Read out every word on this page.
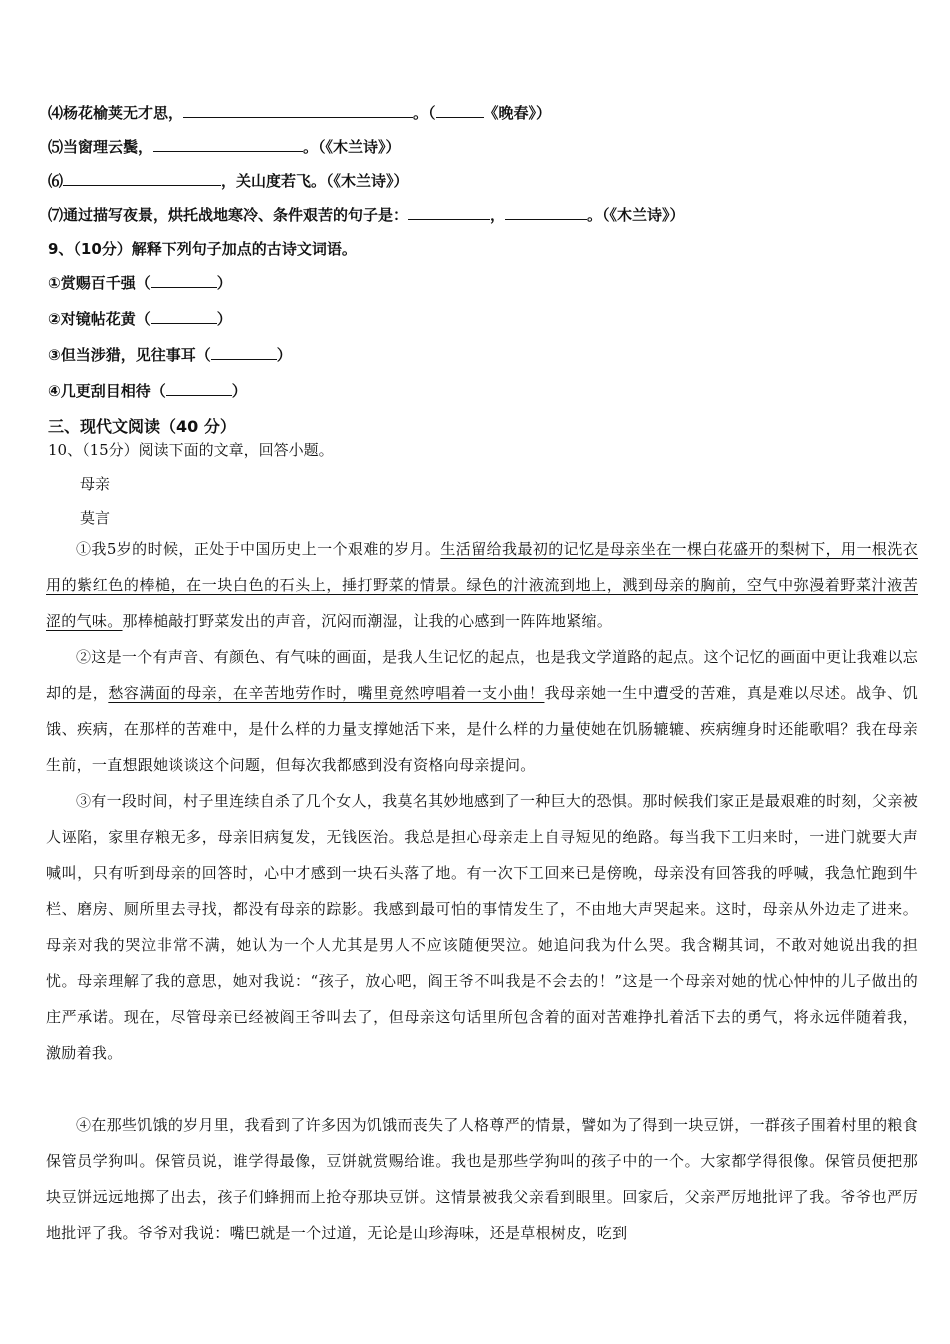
⑷杨花榆荚无才思，	。（	《晚春》）
⑸当窗理云鬓，	。（《木兰诗》）
⑹	，关山度若飞。（《木兰诗》）
⑺通过描写夜景，烘托战地寒冷、条件艰苦的句子是：	，	。（《木兰诗》）
9、（10分）解释下列句子加点的古诗文词语。
①赏赐百千强（	）
②对镜帖花黄（	）
③但当涉猎，见往事耳（	）
④几更刮目相待（	）
三、现代文阅读（40 分）
10、（15分）阅读下面的文章，回答小题。
母亲
莫言
①我5岁的时候，正处于中国历史上一个艰难的岁月。生活留给我最初的记忆是母亲坐在一棵白花盛开的梨树下，用一根洗衣用的紫红色的棒槌，在一块白色的石头上，捶打野菜的情景。绿色的汁液流到地上，溅到母亲的胸前，空气中弥漫着野菜汁液苦涩的气味。那棒槌敲打野菜发出的声音，沉闷而潮湿，让我的心感到一阵阵地紧缩。
②这是一个有声音、有颜色、有气味的画面，是我人生记忆的起点，也是我文学道路的起点。这个记忆的画面中更让我难以忘却的是，愁容满面的母亲，在辛苦地劳作时，嘴里竟然哼唱着一支小曲！我母亲她一生中遭受的苦难，真是难以尽述。战争、饥饿、疾病，在那样的苦难中，是什么样的力量支撑她活下来，是什么样的力量使她在饥肠辘辘、疾病缠身时还能歌唱？我在母亲生前，一直想跟她谈谈这个问题，但每次我都感到没有资格向母亲提问。
③有一段时间，村子里连续自杀了几个女人，我莫名其妙地感到了一种巨大的恐惧。那时候我们家正是最艰难的时刻，父亲被人诬陷，家里存粮无多，母亲旧病复发，无钱医治。我总是担心母亲走上自寻短见的绝路。每当我下工归来时，一进门就要大声喊叫，只有听到母亲的回答时，心中才感到一块石头落了地。有一次下工回来已是傍晚，母亲没有回答我的呼喊，我急忙跑到牛栏、磨房、厕所里去寻找，都没有母亲的踪影。我感到最可怕的事情发生了，不由地大声哭起来。这时，母亲从外边走了进来。母亲对我的哭泣非常不满，她认为一个人尤其是男人不应该随便哭泣。她追问我为什么哭。我含糊其词，不敢对她说出我的担忧。母亲理解了我的意思，她对我说：“孩子，放心吧，阎王爷不叫我是不会去的！”这是一个母亲对她的忧心忡忡的儿子做出的庄严承诺。现在，尽管母亲已经被阎王爷叫去了，但母亲这句话里所包含着的面对苦难挣扎着活下去的勇气，将永远伴随着我，激励着我。
④在那些饥饿的岁月里，我看到了许多因为饥饿而丧失了人格尊严的情景，譬如为了得到一块豆饼，一群孩子围着村里的粮食保管员学狗叫。保管员说，谁学得最像，豆饼就赏赐给谁。我也是那些学狗叫的孩子中的一个。大家都学得很像。保管员便把那块豆饼远远地掷了出去，孩子们蜂拥而上抢夺那块豆饼。这情景被我父亲看到眼里。回家后，父亲严厉地批评了我。爷爷也严厉地批评了我。爷爷对我说：嘴巴就是一个过道，无论是山珍海味，还是草根树皮，吃到
